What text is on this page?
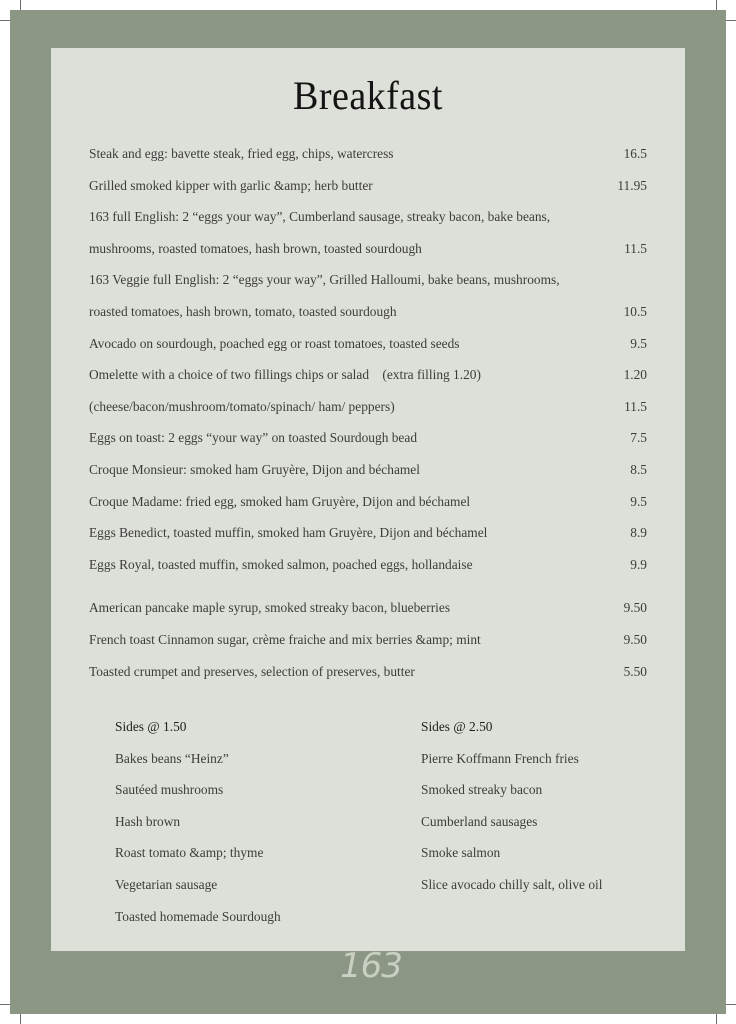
Breakfast
Steak and egg: bavette steak, fried egg, chips, watercress	16.5
Grilled smoked kipper with garlic &amp; herb butter	11.95
163 full English: 2 “eggs your way”, Cumberland sausage, streaky bacon, bake beans,
mushrooms, roasted tomatoes, hash brown, toasted sourdough	11.5
163 Veggie full English: 2 “eggs your way”, Grilled Halloumi, bake beans, mushrooms,
roasted tomatoes, hash brown, tomato, toasted sourdough	10.5
Avocado on sourdough, poached egg or roast tomatoes, toasted seeds	9.5
Omelette with a choice of two fillings chips or salad    (extra filling 1.20)	1.20
(cheese/bacon/mushroom/tomato/spinach/ ham/ peppers)	11.5
Eggs on toast: 2 eggs “your way” on toasted Sourdough bead	7.5
Croque Monsieur: smoked ham Gruyère, Dijon and béchamel	8.5
Croque Madame: fried egg, smoked ham Gruyère, Dijon and béchamel	9.5
Eggs Benedict, toasted muffin, smoked ham Gruyère, Dijon and béchamel	8.9
Eggs Royal, toasted muffin, smoked salmon, poached eggs, hollandaise	9.9
American pancake maple syrup, smoked streaky bacon, blueberries	9.50
French toast Cinnamon sugar, crème fraiche and mix berries &amp; mint	9.50
Toasted crumpet and preserves, selection of preserves, butter	5.50
Sides @ 1.50
Bakes beans “Heinz”
Sautéed mushrooms
Hash brown
Roast tomato &amp; thyme
Vegetarian sausage
Toasted homemade Sourdough
Sides @ 2.50
Pierre Koffmann French fries
Smoked streaky bacon
Cumberland sausages
Smoke salmon
Slice avocado chilly salt, olive oil
163
